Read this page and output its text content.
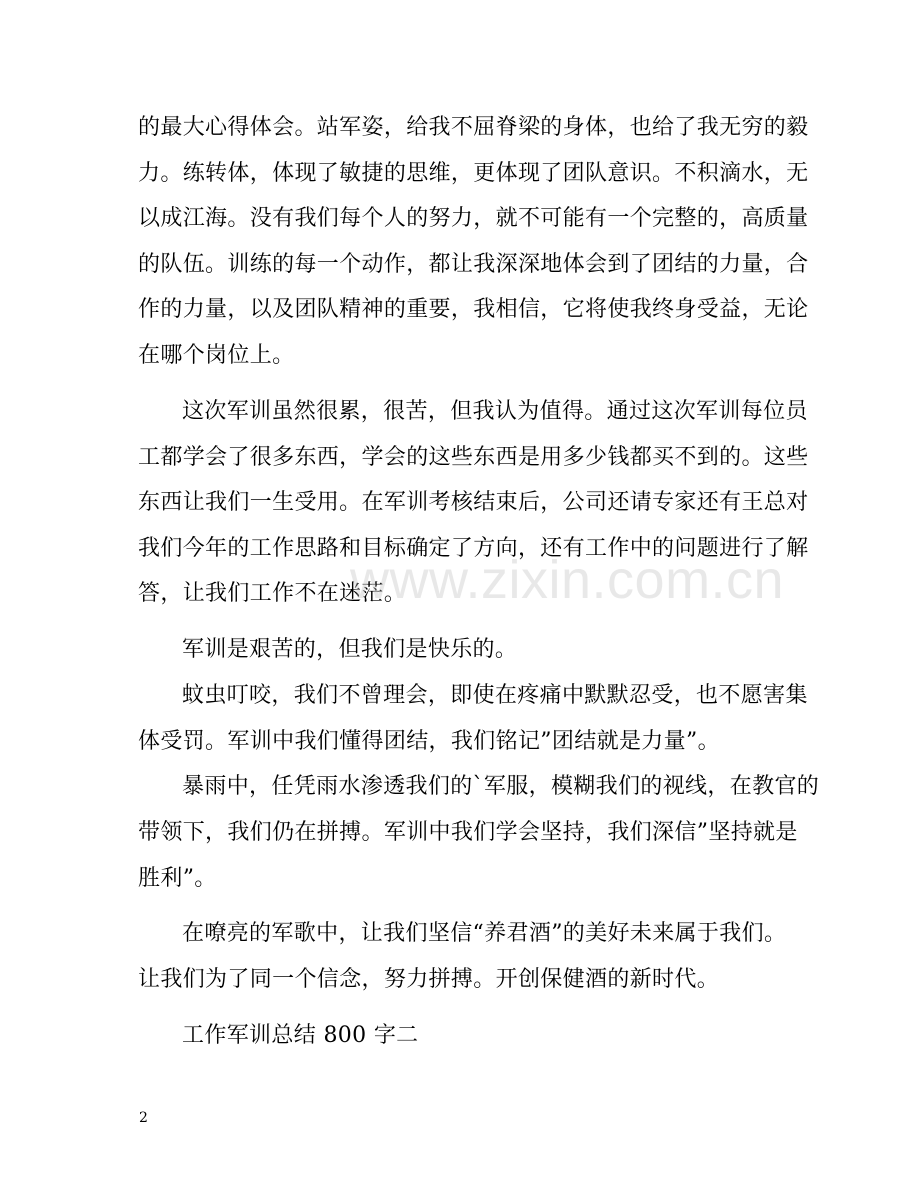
的最大心得体会。站军姿，给我不屈脊梁的身体，也给了我无穷的毅
力。练转体，体现了敏捷的思维，更体现了团队意识。不积滴水，无
以成江海。没有我们每个人的努力，就不可能有一个完整的，高质量
的队伍。训练的每一个动作，都让我深深地体会到了团结的力量，合
作的力量，以及团队精神的重要，我相信，它将使我终身受益，无论
在哪个岗位上。
这次军训虽然很累，很苦，但我认为值得。通过这次军训每位员
工都学会了很多东西，学会的这些东西是用多少钱都买不到的。这些
东西让我们一生受用。在军训考核结束后，公司还请专家还有王总对
我们今年的工作思路和目标确定了方向，还有工作中的问题进行了解
答，让我们工作不在迷茫。
军训是艰苦的，但我们是快乐的。
蚊虫叮咬，我们不曾理会，即使在疼痛中默默忍受，也不愿害集
体受罚。军训中我们懂得团结，我们铭记”团结就是力量”。
暴雨中，任凭雨水渗透我们的`军服，模糊我们的视线，在教官的
带领下，我们仍在拼搏。军训中我们学会坚持，我们深信”坚持就是
胜利”。
在嘹亮的军歌中，让我们坚信“养君酒”的美好未来属于我们。
让我们为了同一个信念，努力拼搏。开创保健酒的新时代。
工作军训总结 800 字二
2
www.zixin.com.cn
